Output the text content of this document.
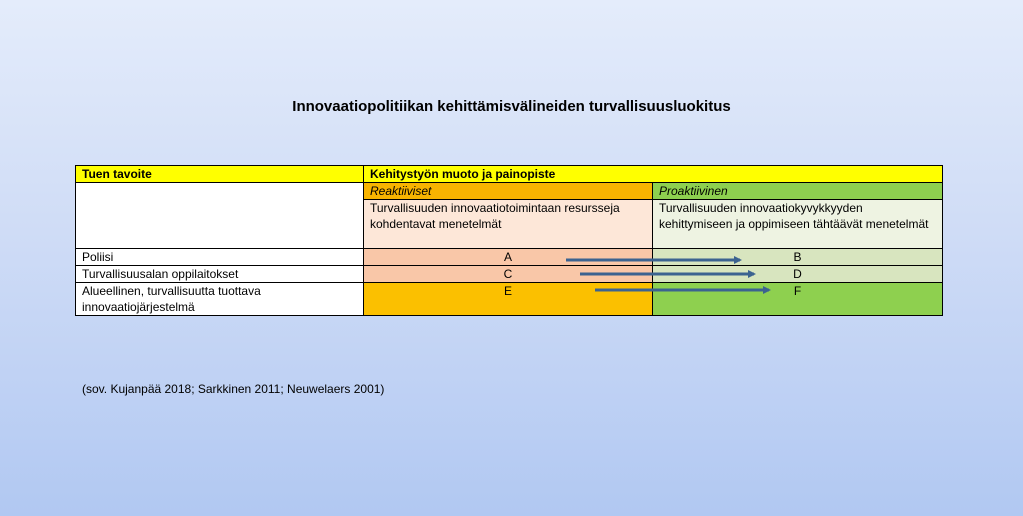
Innovaatiopolitiikan kehittämisvälineiden turvallisuusluokitus
Tuen tavoite	Kehitystyön muoto ja painopiste	
	Reaktiiviset	Proaktiivinen
	Turvallisuuden innovaatiotoimintaan resursseja kohdentavat menetelmät	Turvallisuuden innovaatiokyvykkyyden kehittymiseen ja oppimiseen tähtäävät menetelmät
Poliisi	A	B
Turvallisuusalan oppilaitokset	C	D
Alueellinen, turvallisuutta tuottava innovaatiojärjestelmä	E	F
(sov. Kujanpää 2018; Sarkkinen 2011; Neuwelaers 2001)
